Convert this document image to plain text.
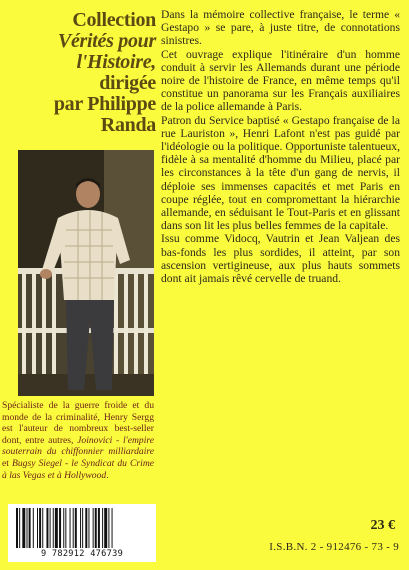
Collection
Vérités pour
l'Histoire,
dirigée
par Philippe
Randa
Spécialiste de la guerre froide et du monde de la criminalité, Henry Sergg est l'auteur de nombreux best-seller dont, entre autres, Joinovici - l'empire souterrain du chiffonnier milliardaire et Bugsy Siegel - le Syndicat du Crime à las Vegas et à Hollywood.

Dans la mémoire collective française, le terme « Gestapo » se pare, à juste titre, de connotations sinistres.

Cet ouvrage explique l'itinéraire d'un homme conduit à servir les Allemands durant une période noire de l'histoire de France, en même temps qu'il constitue un panorama sur les Français auxiliaires de la police allemande à Paris.

Patron du Service baptisé « Gestapo française de la rue Lauriston », Henri Lafont n'est pas guidé par l'idéologie ou la politique. Opportuniste talentueux, fidèle à sa mentalité d'homme du Milieu, placé par les circonstances à la tête d'un gang de nervis, il déploie ses immenses capacités et met Paris en coupe réglée, tout en compromettant la hiérarchie allemande, en séduisant le Tout-Paris et en glissant dans son lit les plus belles femmes de la capitale.

Issu comme Vidocq, Vautrin et Jean Valjean des bas-fonds les plus sordides, il atteint, par son ascension vertigineuse, aux plus hauts sommets dont ait jamais rêvé cervelle de truand.

9 782912 476739
23 €
I.S.B.N. 2 - 912476 - 73 - 9
